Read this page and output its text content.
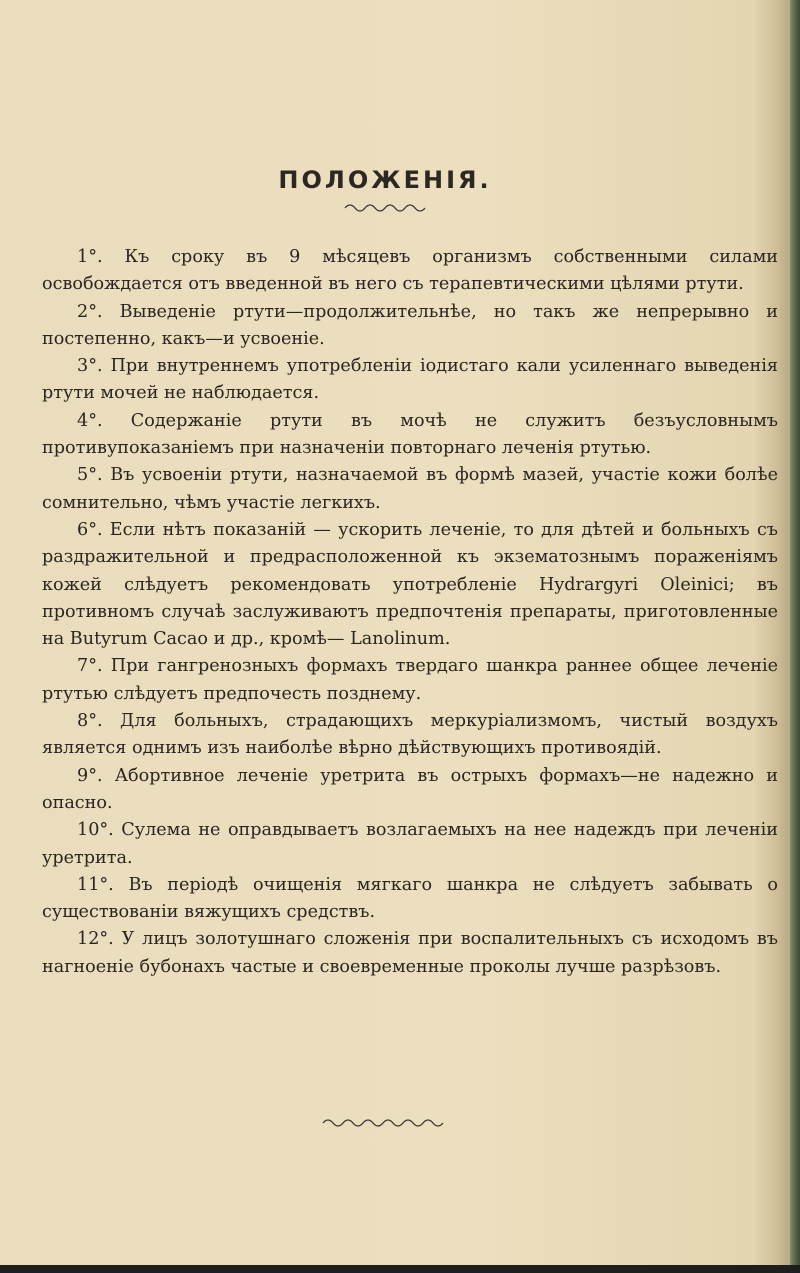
ПОЛОЖЕНІЯ.

1°. Къ сроку въ 9 мѣсяцевъ организмъ собственными силами освобождается отъ введенной въ него съ терапевтическими цѣлями ртути.

2°. Выведеніе ртути—продолжительнѣе, но такъ же непрерывно и постепенно, какъ—и усвоеніе.

3°. При внутреннемъ употребленіи іодистаго кали усиленнаго выведенія ртути мочей не наблюдается.

4°. Содержаніе ртути въ мочѣ не служитъ безъусловнымъ противупоказаніемъ при назначеніи повторнаго леченія ртутью.

5°. Въ усвоеніи ртути, назначаемой въ формѣ мазей, участіе кожи болѣе сомнительно, чѣмъ участіе легкихъ.

6°. Если нѣтъ показаній — ускорить леченіе, то для дѣтей и больныхъ съ раздражительной и предрасположенной къ экзематознымъ пораженіямъ кожей слѣдуетъ рекомендовать употребленіе Hydrargyri Oleinici; въ противномъ случаѣ заслуживаютъ предпочтенія препараты, приготовленные на Butyrum Cacao и др., кромѣ— Lanolinum.

7°. При гангренозныхъ формахъ твердаго шанкра раннее общее леченіе ртутью слѣдуетъ предпочесть позднему.

8°. Для больныхъ, страдающихъ меркуріализмомъ, чистый воздухъ является однимъ изъ наиболѣе вѣрно дѣйствующихъ противоядій.

9°. Абортивное леченіе уретрита въ острыхъ формахъ—не надежно и опасно.

10°. Сулема не оправдываетъ возлагаемыхъ на нее надеждъ при леченіи уретрита.

11°. Въ періодѣ очищенія мягкаго шанкра не слѣдуетъ забывать о существованіи вяжущихъ средствъ.

12°. У лицъ золотушнаго сложенія при воспалительныхъ съ исходомъ въ нагноеніе бубонахъ частые и своевременные проколы лучше разрѣзовъ.
